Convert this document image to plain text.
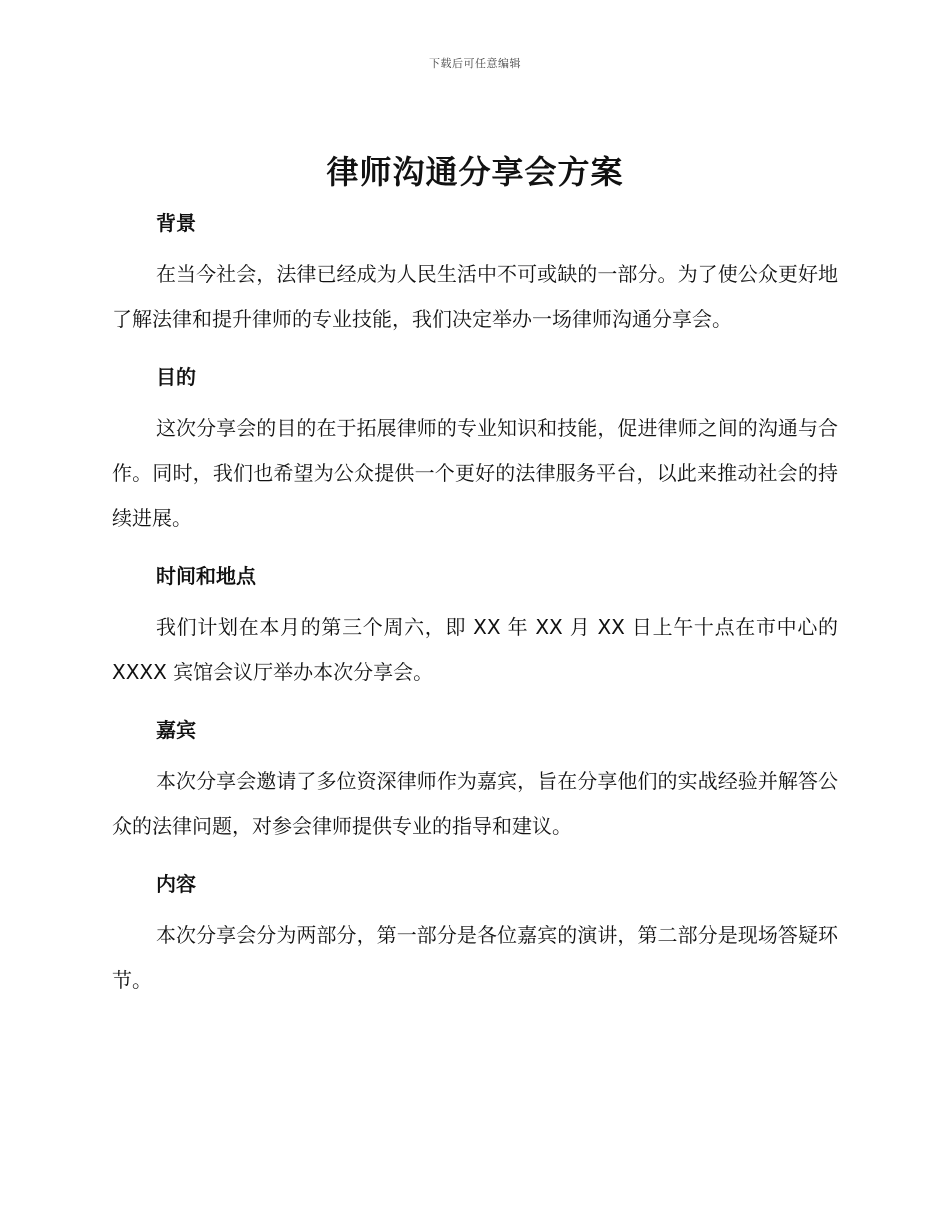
下载后可任意编辑
律师沟通分享会方案
背景

在当今社会，法律已经成为人民生活中不可或缺的一部分。为了使公众更好地了解法律和提升律师的专业技能，我们决定举办一场律师沟通分享会。

目的

这次分享会的目的在于拓展律师的专业知识和技能，促进律师之间的沟通与合作。同时，我们也希望为公众提供一个更好的法律服务平台，以此来推动社会的持续进展。

时间和地点

我们计划在本月的第三个周六，即 XX 年 XX 月 XX 日上午十点在市中心的 XXXX 宾馆会议厅举办本次分享会。

嘉宾

本次分享会邀请了多位资深律师作为嘉宾，旨在分享他们的实战经验并解答公众的法律问题，对参会律师提供专业的指导和建议。

内容

本次分享会分为两部分，第一部分是各位嘉宾的演讲，第二部分是现场答疑环节。
